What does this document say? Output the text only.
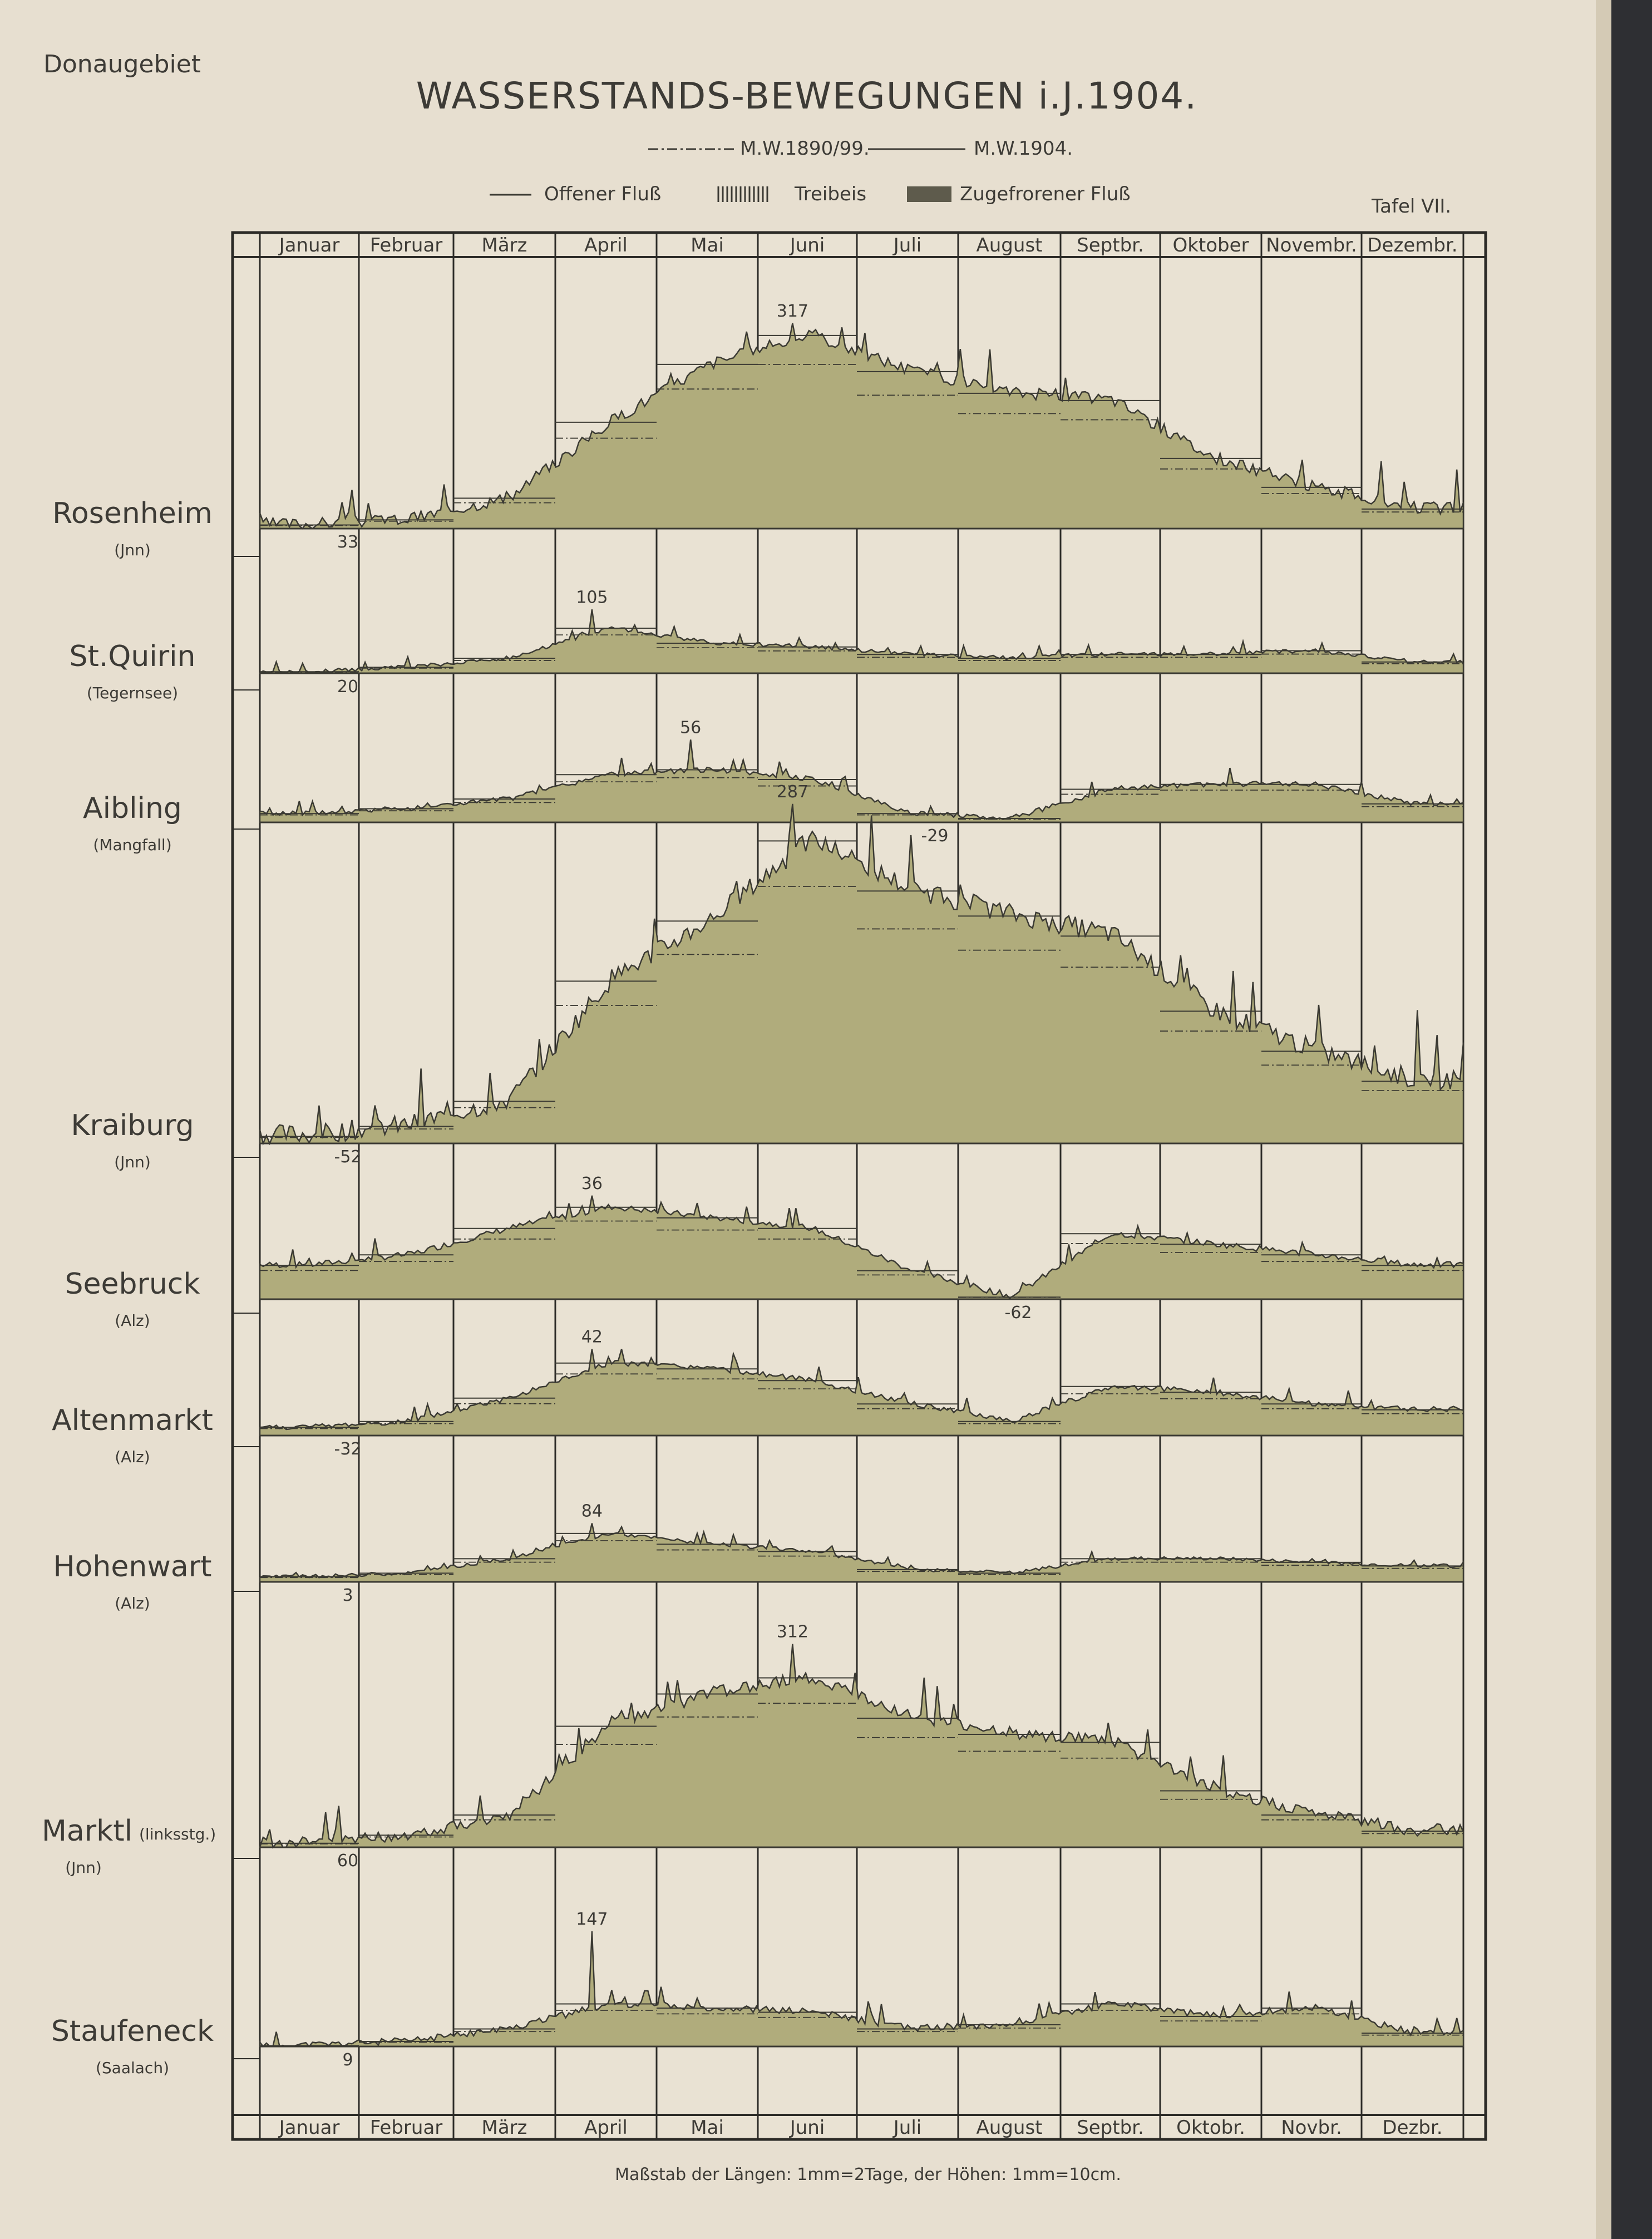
Donaugebiet
WASSERSTANDS-BEWEGUNGEN i.J.1904.
Tafel VII.
M.W.1890/99.	M.W.1904.
Offener Fluß	Treibeis	Zugefrorener Fluß
Januar Februar März	April	Mai	Juni	Juli	August Septbr. Oktober Novembr. Dezembr.
Januar Februar März	April	Mai	Juni	Juli	August Septbr. Oktobr. Novbr. Dezbr.
317
33
105
20
56
-29
287
-52
36
-62
42
-32
84
3
312
60
147
9
Rosenheim
(Jnn)
St.Quirin
(Tegernsee)
Aibling
(Mangfall)
Kraiburg
(Jnn)
Seebruck
(Alz)
Altenmarkt
(Alz)
Hohenwart
(Alz)
Marktl (linksstg.)
(Jnn)
Staufeneck
(Saalach)
Maßstab der Längen: 1mm=2Tage, der Höhen: 1mm=10cm.
